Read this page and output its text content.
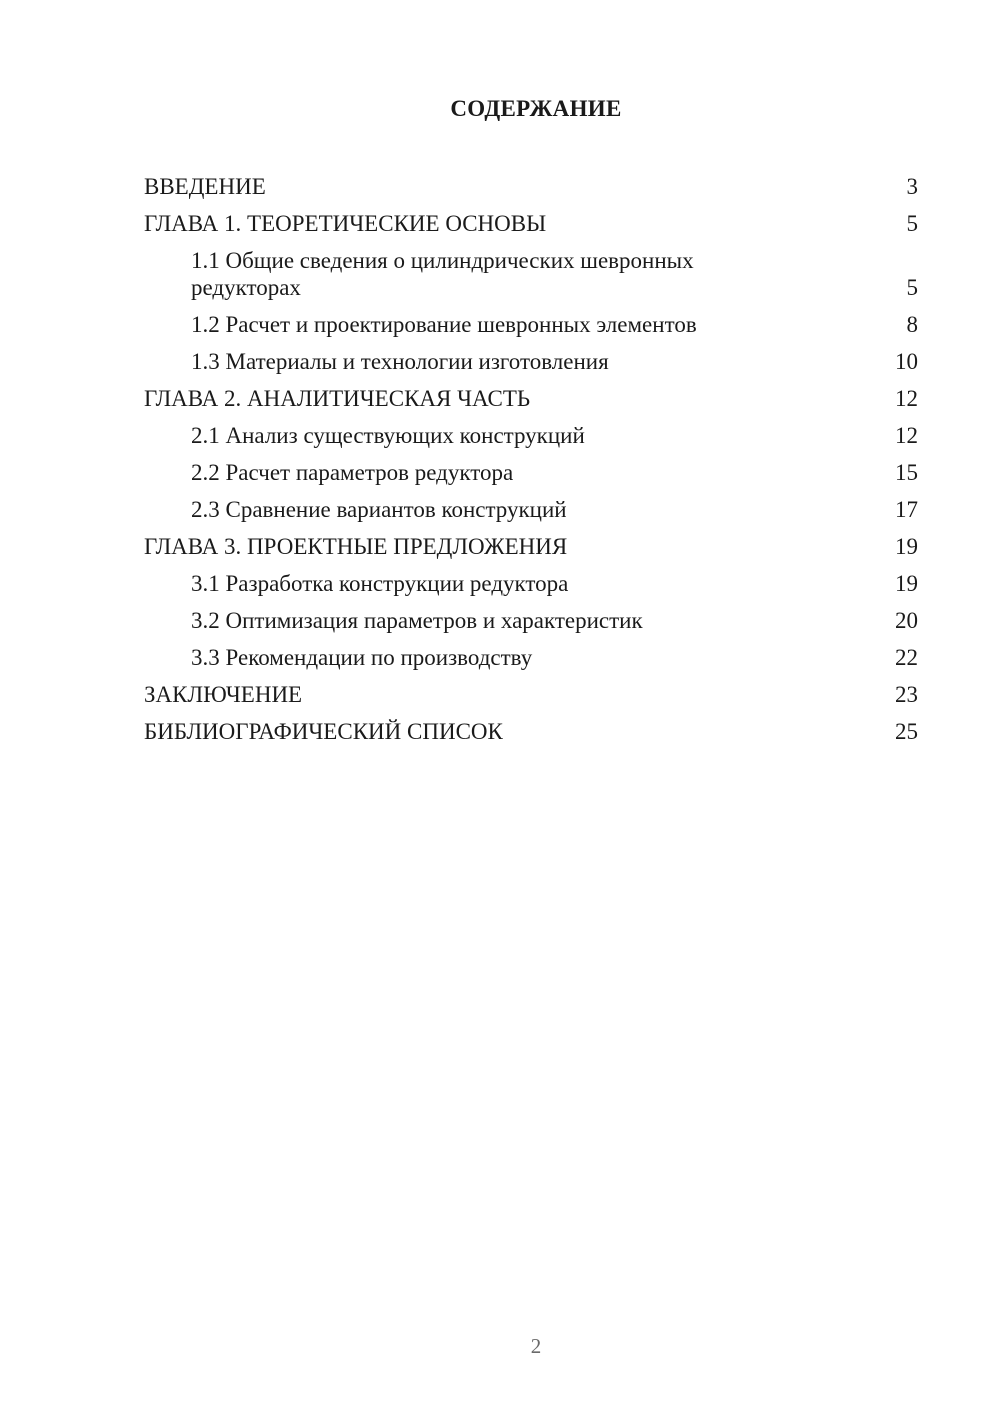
СОДЕРЖАНИЕ
ВВЕДЕНИЕ	3
ГЛАВА 1. ТЕОРЕТИЧЕСКИЕ ОСНОВЫ	5
1.1 Общие сведения о цилиндрических шевронных редукторах	5
1.2 Расчет и проектирование шевронных элементов	8
1.3 Материалы и технологии изготовления	10
ГЛАВА 2. АНАЛИТИЧЕСКАЯ ЧАСТЬ	12
2.1 Анализ существующих конструкций	12
2.2 Расчет параметров редуктора	15
2.3 Сравнение вариантов конструкций	17
ГЛАВА 3. ПРОЕКТНЫЕ ПРЕДЛОЖЕНИЯ	19
3.1 Разработка конструкции редуктора	19
3.2 Оптимизация параметров и характеристик	20
3.3 Рекомендации по производству	22
ЗАКЛЮЧЕНИЕ	23
БИБЛИОГРАФИЧЕСКИЙ СПИСОК	25
2
